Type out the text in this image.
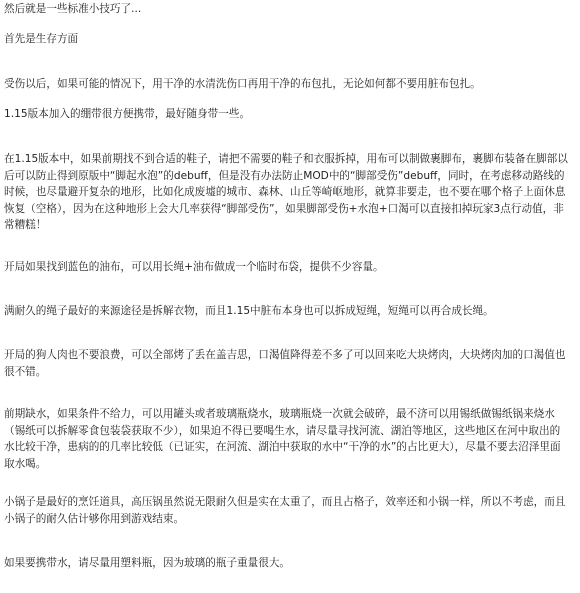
然后就是一些标准小技巧了...

首先是生存方面

受伤以后，如果可能的情况下，用干净的水清洗伤口再用干净的布包扎，无论如何都不要用脏布包扎。

1.15版本加入的绷带很方便携带，最好随身带一些。

在1.15版本中，如果前期找不到合适的鞋子，请把不需要的鞋子和衣服拆掉，用布可以制做裹脚布，裹脚布装备在脚部以后可以防止得到原版中“脚起水泡”的debuff，但是没有办法防止MOD中的“脚部受伤”debuff，同时，在考虑移动路线的时候，也尽量避开复杂的地形，比如化成废墟的城市、森林、山丘等崎岖地形，就算非要走，也不要在哪个格子上面休息恢复（空格），因为在这种地形上会大几率获得“脚部受伤”，如果脚部受伤+水泡+口渴可以直接扣掉玩家3点行动值，非常糟糕！

开局如果找到蓝色的油布，可以用长绳+油布做成一个临时布袋，提供不少容量。

满耐久的绳子最好的来源途径是拆解衣物，而且1.15中脏布本身也可以拆成短绳，短绳可以再合成长绳。

开局的狗人肉也不要浪费，可以全部烤了丢在盖吉思，口渴值降得差不多了可以回来吃大块烤肉，大块烤肉加的口渴值也很不错。

前期缺水，如果条件不给力，可以用罐头或者玻璃瓶烧水，玻璃瓶烧一次就会破碎，最不济可以用锡纸做锡纸锅来烧水（锡纸可以拆解零食包装袋获取不少），如果迫不得已要喝生水，请尽量寻找河流、湖泊等地区，这些地区在河中取出的水比较干净，患病的的几率比较低（已证实，在河流、湖泊中获取的水中“干净的水”的占比更大），尽量不要去沼泽里面取水喝。

小锅子是最好的烹饪道具，高压锅虽然说无限耐久但是实在太重了，而且占格子，效率还和小锅一样，所以不考虑，而且小锅子的耐久估计够你用到游戏结束。

如果要携带水，请尽量用塑料瓶，因为玻璃的瓶子重量很大。
